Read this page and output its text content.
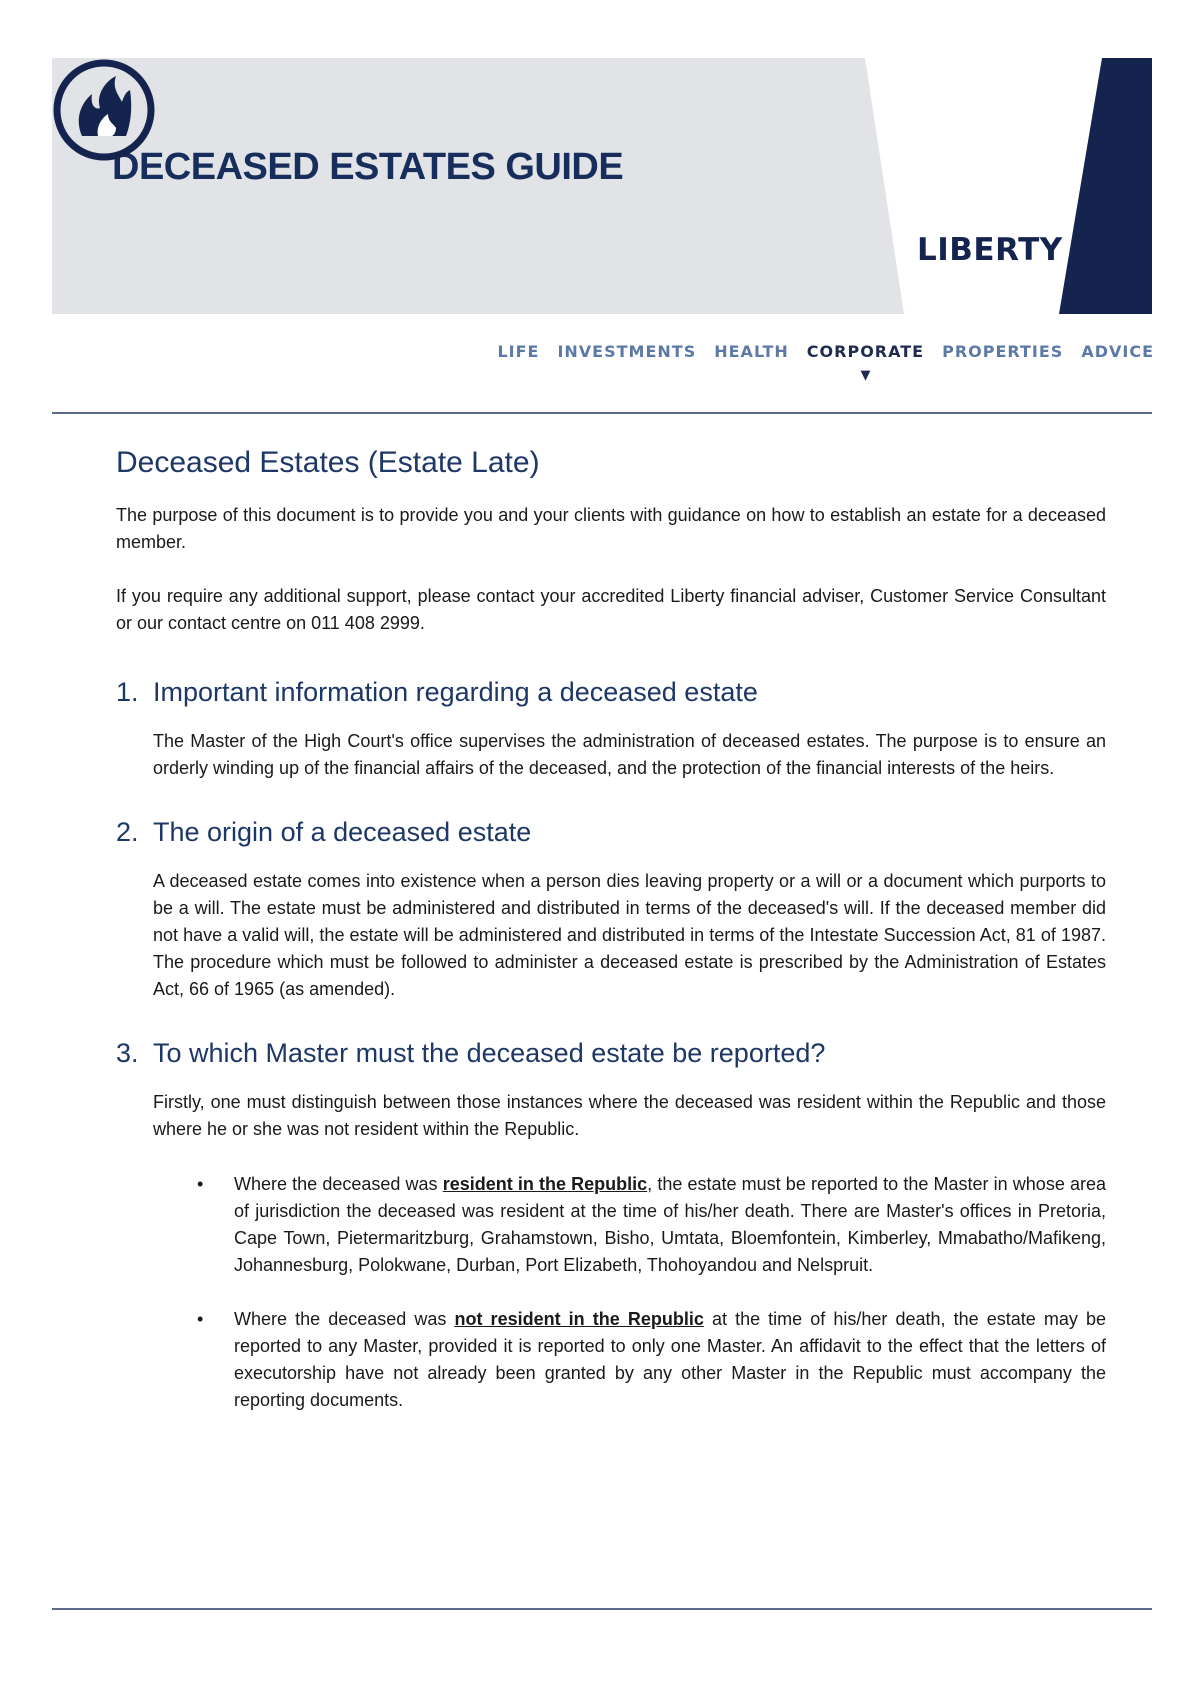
DECEASED ESTATES GUIDE
LIBERTY
LIFE INVESTMENTS HEALTH CORPORATE
▼
PROPERTIES ADVICE
Deceased Estates (Estate Late)

The purpose of this document is to provide you and your clients with guidance on how to establish an estate for a deceased member.

If you require any additional support, please contact your accredited Liberty financial adviser, Customer Service Consultant or our contact centre on 011 408 2999.

1. Important information regarding a deceased estate

The Master of the High Court's office supervises the administration of deceased estates. The purpose is to ensure an orderly winding up of the financial affairs of the deceased, and the protection of the financial interests of the heirs.

2. The origin of a deceased estate

A deceased estate comes into existence when a person dies leaving property or a will or a document which purports to be a will. The estate must be administered and distributed in terms of the deceased's will. If the deceased member did not have a valid will, the estate will be administered and distributed in terms of the Intestate Succession Act, 81 of 1987. The procedure which must be followed to administer a deceased estate is prescribed by the Administration of Estates Act, 66 of 1965 (as amended).

3. To which Master must the deceased estate be reported?

Firstly, one must distinguish between those instances where the deceased was resident within the Republic and those where he or she was not resident within the Republic.

• Where the deceased was resident in the Republic, the estate must be reported to the Master in whose area of jurisdiction the deceased was resident at the time of his/her death. There are Master's offices in Pretoria, Cape Town, Pietermaritzburg, Grahamstown, Bisho, Umtata, Bloemfontein, Kimberley, Mmabatho/Mafikeng, Johannesburg, Polokwane, Durban, Port Elizabeth, Thohoyandou and Nelspruit.
• Where the deceased was not resident in the Republic at the time of his/her death, the estate may be reported to any Master, provided it is reported to only one Master. An affidavit to the effect that the letters of executorship have not already been granted by any other Master in the Republic must accompany the reporting documents.
